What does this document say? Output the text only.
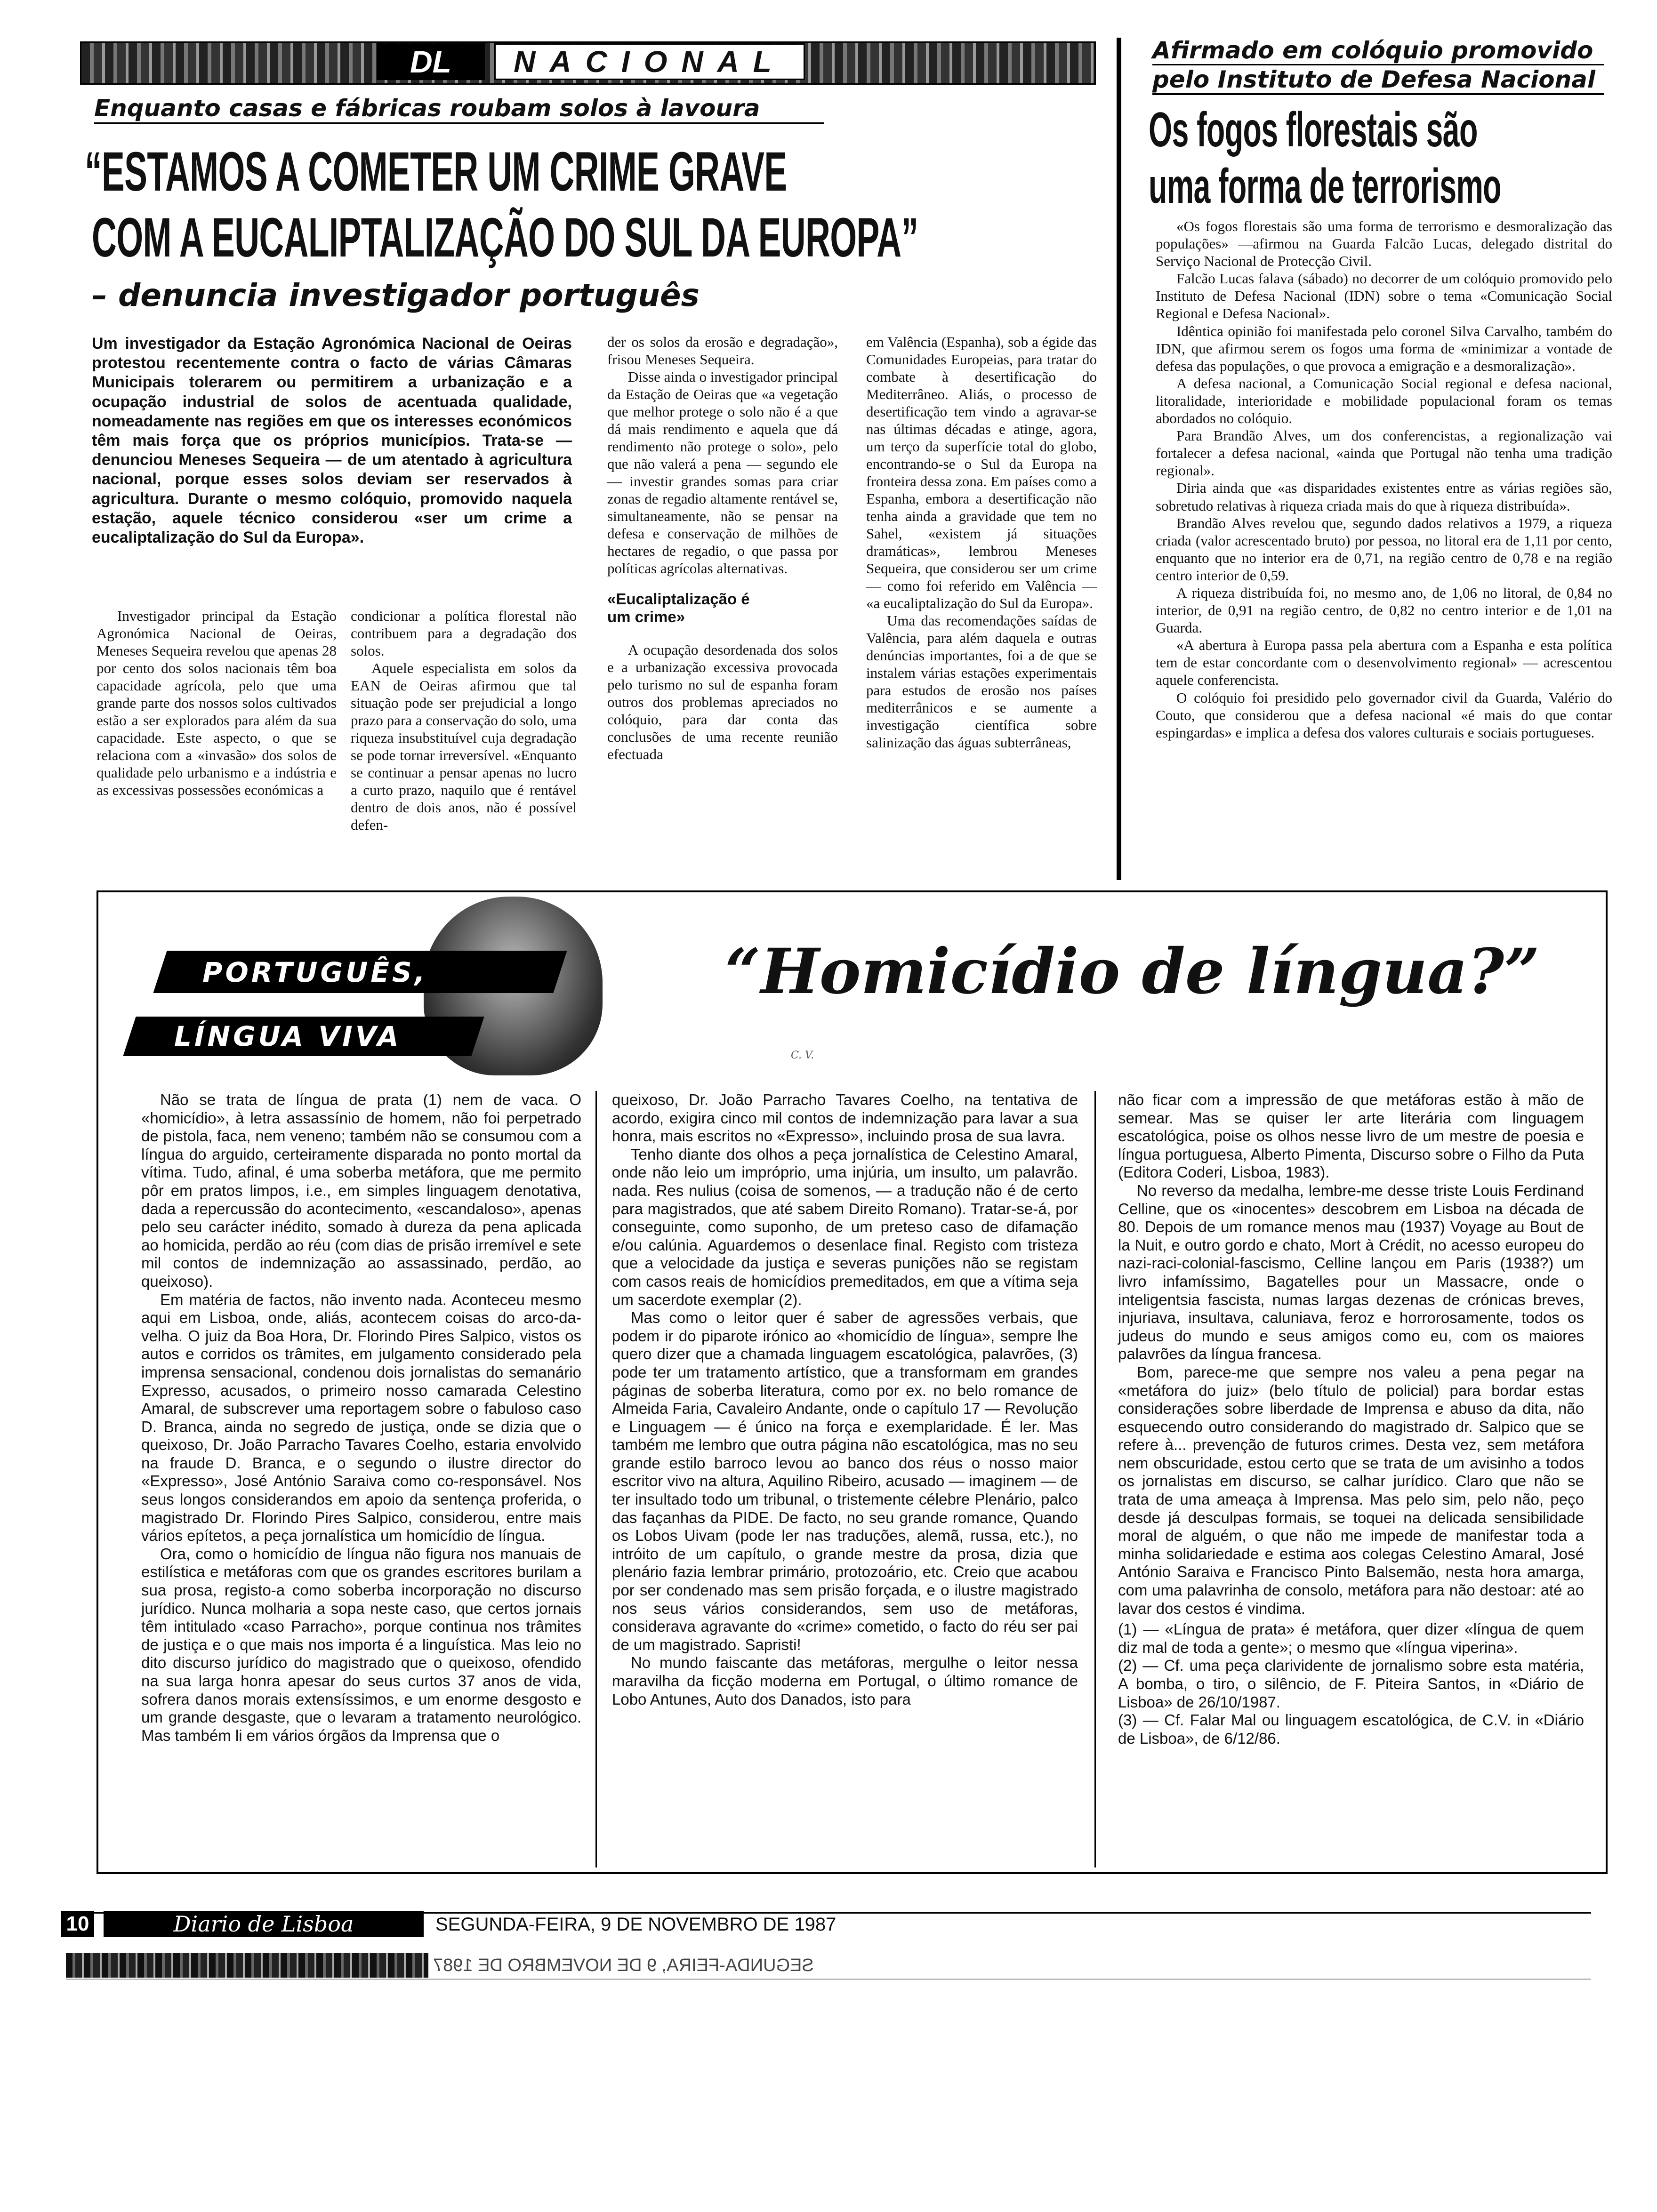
DL	NACIONAL
Enquanto casas e fábricas roubam solos à lavoura
“ESTAMOS A COMETER UM CRIME GRAVE
COM A EUCALIPTALIZAÇÃO DO SUL DA EUROPA”
– denuncia investigador português
Um investigador da Estação Agronómica Nacional de Oeiras protestou recentemente contra o facto de várias Câmaras Municipais tolerarem ou permitirem a urbanização e a ocupação industrial de solos de acentuada qualidade, nomeadamente nas regiões em que os interesses económicos têm mais força que os próprios municípios. Trata-se — denunciou Meneses Sequeira — de um atentado à agricultura nacional, porque esses solos deviam ser reservados à agricultura. Durante o mesmo colóquio, promovido naquela estação, aquele técnico considerou «ser um crime a eucaliptalização do Sul da Europa».

Investigador principal da Estação Agronómica Nacional de Oeiras, Meneses Sequeira revelou que apenas 28 por cento dos solos nacionais têm boa capacidade agrícola, pelo que uma grande parte dos nossos solos cultivados estão a ser explorados para além da sua capacidade. Este aspecto, o que se relaciona com a «invasão» dos solos de qualidade pelo urbanismo e a indústria e as excessivas possessões económicas a

condicionar a política florestal não contribuem para a degradação dos solos.

Aquele especialista em solos da EAN de Oeiras afirmou que tal situação pode ser prejudicial a longo prazo para a conservação do solo, uma riqueza insubstituível cuja degradação se pode tornar irreversível. «Enquanto se continuar a pensar apenas no lucro a curto prazo, naquilo que é rentável dentro de dois anos, não é possível defen-

der os solos da erosão e degradação», frisou Meneses Sequeira.

Disse ainda o investigador principal da Estação de Oeiras que «a vegetação que melhor protege o solo não é a que dá mais rendimento e aquela que dá rendimento não protege o solo», pelo que não valerá a pena — segundo ele — investir grandes somas para criar zonas de regadio altamente rentável se, simultaneamente, não se pensar na defesa e conservação de milhões de hectares de regadio, o que passa por políticas agrícolas alternativas.

«Eucaliptalização é um crime»

A ocupação desordenada dos solos e a urbanização excessiva provocada pelo turismo no sul de espanha foram outros dos problemas apreciados no colóquio, para dar conta das conclusões de uma recente reunião efectuada

em Valência (Espanha), sob a égide das Comunidades Europeias, para tratar do combate à desertificação do Mediterrâneo. Aliás, o processo de desertificação tem vindo a agravar-se nas últimas décadas e atinge, agora, um terço da superfície total do globo, encontrando-se o Sul da Europa na fronteira dessa zona. Em países como a Espanha, embora a desertificação não tenha ainda a gravidade que tem no Sahel, «existem já situações dramáticas», lembrou Meneses Sequeira, que considerou ser um crime — como foi referido em Valência — «a eucaliptalização do Sul da Europa».

Uma das recomendações saídas de Valência, para além daquela e outras denúncias importantes, foi a de que se instalem várias estações experimentais para estudos de erosão nos países mediterrânicos e se aumente a investigação científica sobre salinização das águas subterrâneas,

Afirmado em colóquio promovido
pelo Instituto de Defesa Nacional
Os fogos florestais são
uma forma de terrorismo

«Os fogos florestais são uma forma de terrorismo e desmoralização das populações» —afirmou na Guarda Falcão Lucas, delegado distrital do Serviço Nacional de Protecção Civil.

Falcão Lucas falava (sábado) no decorrer de um colóquio promovido pelo Instituto de Defesa Nacional (IDN) sobre o tema «Comunicação Social Regional e Defesa Nacional».

Idêntica opinião foi manifestada pelo coronel Silva Carvalho, também do IDN, que afirmou serem os fogos uma forma de «minimizar a vontade de defesa das populações, o que provoca a emigração e a desmoralização».

A defesa nacional, a Comunicação Social regional e defesa nacional, litoralidade, interioridade e mobilidade populacional foram os temas abordados no colóquio.

Para Brandão Alves, um dos conferencistas, a regionalização vai fortalecer a defesa nacional, «ainda que Portugal não tenha uma tradição regional».

Diria ainda que «as disparidades existentes entre as várias regiões são, sobretudo relativas à riqueza criada mais do que à riqueza distribuída».

Brandão Alves revelou que, segundo dados relativos a 1979, a riqueza criada (valor acrescentado bruto) por pessoa, no litoral era de 1,11 por cento, enquanto que no interior era de 0,71, na região centro de 0,78 e na região centro interior de 0,59.

A riqueza distribuída foi, no mesmo ano, de 1,06 no litoral, de 0,84 no interior, de 0,91 na região centro, de 0,82 no centro interior e de 1,01 na Guarda.

«A abertura à Europa passa pela abertura com a Espanha e esta política tem de estar concordante com o desenvolvimento regional» — acrescentou aquele conferencista.

O colóquio foi presidido pelo governador civil da Guarda, Valério do Couto, que considerou que a defesa nacional «é mais do que contar espingardas» e implica a defesa dos valores culturais e sociais portugueses.

PORTUGUÊS,
LÍNGUA VIVA
C. V.
“Homicídio de língua?”

Não se trata de língua de prata (1) nem de vaca. O «homicídio», à letra assassínio de homem, não foi perpetrado de pistola, faca, nem veneno; também não se consumou com a língua do arguido, certeiramente disparada no ponto mortal da vítima. Tudo, afinal, é uma soberba metáfora, que me permito pôr em pratos limpos, i.e., em simples linguagem denotativa, dada a repercussão do acontecimento, «escandaloso», apenas pelo seu carácter inédito, somado à dureza da pena aplicada ao homicida, perdão ao réu (com dias de prisão irremível e sete mil contos de indemnização ao assassinado, perdão, ao queixoso).

Em matéria de factos, não invento nada. Aconteceu mesmo aqui em Lisboa, onde, aliás, acontecem coisas do arco-da-velha. O juiz da Boa Hora, Dr. Florindo Pires Salpico, vistos os autos e corridos os trâmites, em julgamento considerado pela imprensa sensacional, condenou dois jornalistas do semanário Expresso, acusados, o primeiro nosso camarada Celestino Amaral, de subscrever uma reportagem sobre o fabuloso caso D. Branca, ainda no segredo de justiça, onde se dizia que o queixoso, Dr. João Parracho Tavares Coelho, estaria envolvido na fraude D. Branca, e o segundo o ilustre director do «Expresso», José António Saraiva como co-responsável. Nos seus longos considerandos em apoio da sentença proferida, o magistrado Dr. Florindo Pires Salpico, considerou, entre mais vários epítetos, a peça jornalística um homicídio de língua.

Ora, como o homicídio de língua não figura nos manuais de estilística e metáforas com que os grandes escritores burilam a sua prosa, registo-a como soberba incorporação no discurso jurídico. Nunca molharia a sopa neste caso, que certos jornais têm intitulado «caso Parracho», porque continua nos trâmites de justiça e o que mais nos importa é a linguística. Mas leio no dito discurso jurídico do magistrado que o queixoso, ofendido na sua larga honra apesar do seus curtos 37 anos de vida, sofrera danos morais extensíssimos, e um enorme desgosto e um grande desgaste, que o levaram a tratamento neurológico. Mas também li em vários órgãos da Imprensa que o

queixoso, Dr. João Parracho Tavares Coelho, na tentativa de acordo, exigira cinco mil contos de indemnização para lavar a sua honra, mais escritos no «Expresso», incluindo prosa de sua lavra.

Tenho diante dos olhos a peça jornalística de Celestino Amaral, onde não leio um impróprio, uma injúria, um insulto, um palavrão. nada. Res nulius (coisa de somenos, — a tradução não é de certo para magistrados, que até sabem Direito Romano). Tratar-se-á, por conseguinte, como suponho, de um preteso caso de difamação e/ou calúnia. Aguardemos o desenlace final. Registo com tristeza que a velocidade da justiça e severas punições não se registam com casos reais de homicídios premeditados, em que a vítima seja um sacerdote exemplar (2).

Mas como o leitor quer é saber de agressões verbais, que podem ir do piparote irónico ao «homicídio de língua», sempre lhe quero dizer que a chamada linguagem escatológica, palavrões, (3) pode ter um tratamento artístico, que a transformam em grandes páginas de soberba literatura, como por ex. no belo romance de Almeida Faria, Cavaleiro Andante, onde o capítulo 17 — Revolução e Linguagem — é único na força e exemplaridade. É ler. Mas também me lembro que outra página não escatológica, mas no seu grande estilo barroco levou ao banco dos réus o nosso maior escritor vivo na altura, Aquilino Ribeiro, acusado — imaginem — de ter insultado todo um tribunal, o tristemente célebre Plenário, palco das façanhas da PIDE. De facto, no seu grande romance, Quando os Lobos Uivam (pode ler nas traduções, alemã, russa, etc.), no intróito de um capítulo, o grande mestre da prosa, dizia que plenário fazia lembrar primário, protozoário, etc. Creio que acabou por ser condenado mas sem prisão forçada, e o ilustre magistrado nos seus vários considerandos, sem uso de metáforas, considerava agravante do «crime» cometido, o facto do réu ser pai de um magistrado. Sapristi!

No mundo faiscante das metáforas, mergulhe o leitor nessa maravilha da ficção moderna em Portugal, o último romance de Lobo Antunes, Auto dos Danados, isto para

não ficar com a impressão de que metáforas estão à mão de semear. Mas se quiser ler arte literária com linguagem escatológica, poise os olhos nesse livro de um mestre de poesia e língua portuguesa, Alberto Pimenta, Discurso sobre o Filho da Puta (Editora Coderi, Lisboa, 1983).

No reverso da medalha, lembre-me desse triste Louis Ferdinand Celline, que os «inocentes» descobrem em Lisboa na década de 80. Depois de um romance menos mau (1937) Voyage au Bout de la Nuit, e outro gordo e chato, Mort à Crédit, no acesso europeu do nazi-raci-colonial-fascismo, Celline lançou em Paris (1938?) um livro infamíssimo, Bagatelles pour un Massacre, onde o inteligentsia fascista, numas largas dezenas de crónicas breves, injuriava, insultava, caluniava, feroz e horrorosamente, todos os judeus do mundo e seus amigos como eu, com os maiores palavrões da língua francesa.

Bom, parece-me que sempre nos valeu a pena pegar na «metáfora do juiz» (belo título de policial) para bordar estas considerações sobre liberdade de Imprensa e abuso da dita, não esquecendo outro considerando do magistrado dr. Salpico que se refere à... prevenção de futuros crimes. Desta vez, sem metáfora nem obscuridade, estou certo que se trata de um avisinho a todos os jornalistas em discurso, se calhar jurídico. Claro que não se trata de uma ameaça à Imprensa. Mas pelo sim, pelo não, peço desde já desculpas formais, se toquei na delicada sensibilidade moral de alguém, o que não me impede de manifestar toda a minha solidariedade e estima aos colegas Celestino Amaral, José António Saraiva e Francisco Pinto Balsemão, nesta hora amarga, com uma palavrinha de consolo, metáfora para não destoar: até ao lavar dos cestos é vindima.

(1) — «Língua de prata» é metáfora, quer dizer «língua de quem diz mal de toda a gente»; o mesmo que «língua viperina».

(2) — Cf. uma peça clarividente de jornalismo sobre esta matéria, A bomba, o tiro, o silêncio, de F. Piteira Santos, in «Diário de Lisboa» de 26/10/1987.

(3) — Cf. Falar Mal ou linguagem escatológica, de C.V. in «Diário de Lisboa», de 6/12/86.

10	Diario de Lisboa	SEGUNDA-FEIRA, 9 DE NOVEMBRO DE 1987
SEGUNDA-FEIRA, 9 DE NOVEMBRO DE 1987
